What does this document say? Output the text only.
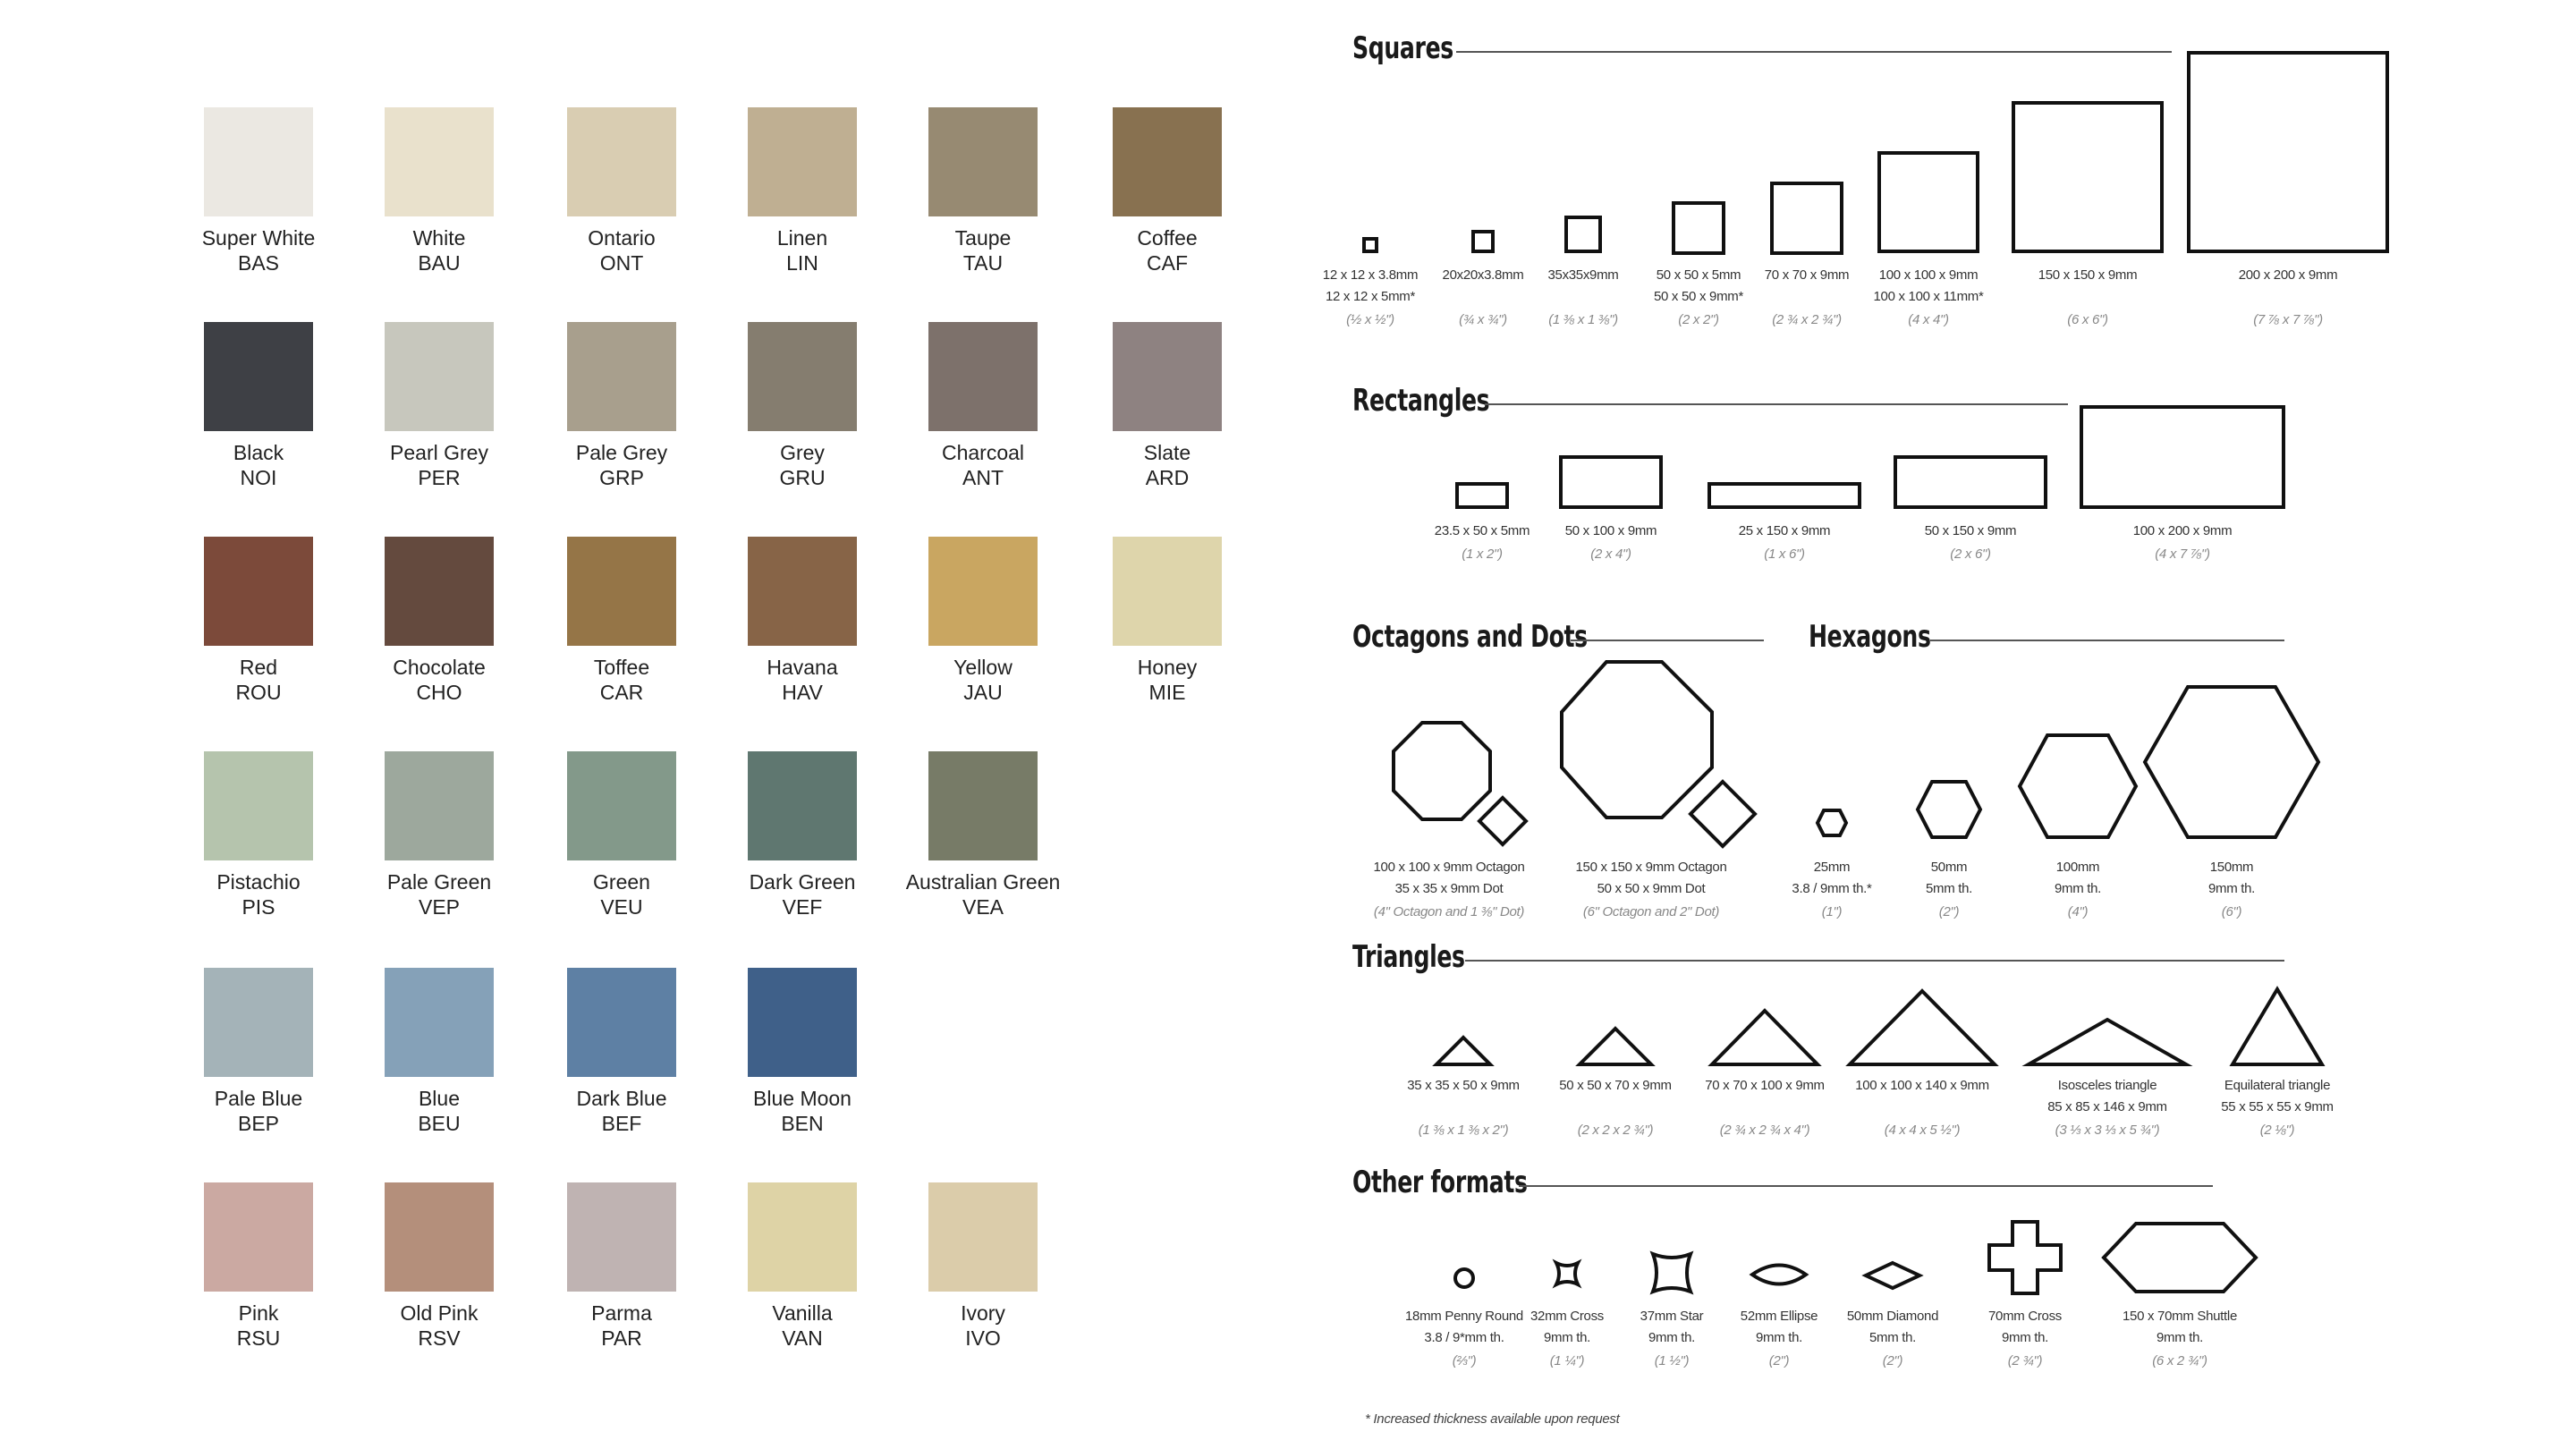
Super White
BAS
White
BAU
Ontario
ONT
Linen
LIN
Taupe
TAU
Coffee
CAF
Black
NOI
Pearl Grey
PER
Pale Grey
GRP
Grey
GRU
Charcoal
ANT
Slate
ARD
Red
ROU
Chocolate
CHO
Toffee
CAR
Havana
HAV
Yellow
JAU
Honey
MIE
Pistachio
PIS
Pale Green
VEP
Green
VEU
Dark Green
VEF
Australian Green
VEA
Pale Blue
BEP
Blue
BEU
Dark Blue
BEF
Blue Moon
BEN
Pink
RSU
Old Pink
RSV
Parma
PAR
Vanilla
VAN
Ivory
IVO
Squares
Rectangles
Octagons and Dots	Hexagons
Triangles
Other formats
12 x 12 x 3.8mm
12 x 12 x 5mm*
(½ x ½")
20x20x3.8mm

(¾ x ¾")
35x35x9mm

(1 ⅜ x 1 ⅜")
50 x 50 x 5mm
50 x 50 x 9mm*
(2 x 2")
70 x 70 x 9mm

(2 ¾ x 2 ¾")
100 x 100 x 9mm
100 x 100 x 11mm*
(4 x 4")
150 x 150 x 9mm

(6 x 6")
200 x 200 x 9mm

(7 ⅞ x 7 ⅞")
23.5 x 50 x 5mm
(1 x 2")
50 x 100 x 9mm
(2 x 4")
25 x 150 x 9mm
(1 x 6")
50 x 150 x 9mm
(2 x 6")
100 x 200 x 9mm
(4 x 7 ⅞")
100 x 100 x 9mm Octagon
35 x 35 x 9mm Dot
(4" Octagon and 1 ⅜" Dot)
150 x 150 x 9mm Octagon
50 x 50 x 9mm Dot
(6" Octagon and 2" Dot)
25mm
3.8 / 9mm th.*
(1")
50mm
5mm th.
(2")
100mm
9mm th.
(4")
150mm
9mm th.
(6")
35 x 35 x 50 x 9mm

(1 ⅜ x 1 ⅜ x 2")
50 x 50 x 70 x 9mm

(2 x 2 x 2 ¾")
70 x 70 x 100 x 9mm

(2 ¾ x 2 ¾ x 4")
100 x 100 x 140 x 9mm

(4 x 4 x 5 ½")
Isosceles triangle
85 x 85 x 146 x 9mm
(3 ⅓ x 3 ⅓ x 5 ¾")
Equilateral triangle
55 x 55 x 55 x 9mm
(2 ⅛")
18mm Penny Round
3.8 / 9*mm th.
(⅔")
32mm Cross
9mm th.
(1 ¼")
37mm Star
9mm th.
(1 ½")
52mm Ellipse
9mm th.
(2")
50mm Diamond
5mm th.
(2")
70mm Cross
9mm th.
(2 ¾")
150 x 70mm Shuttle
9mm th.
(6 x 2 ¾")
* Increased thickness available upon request
